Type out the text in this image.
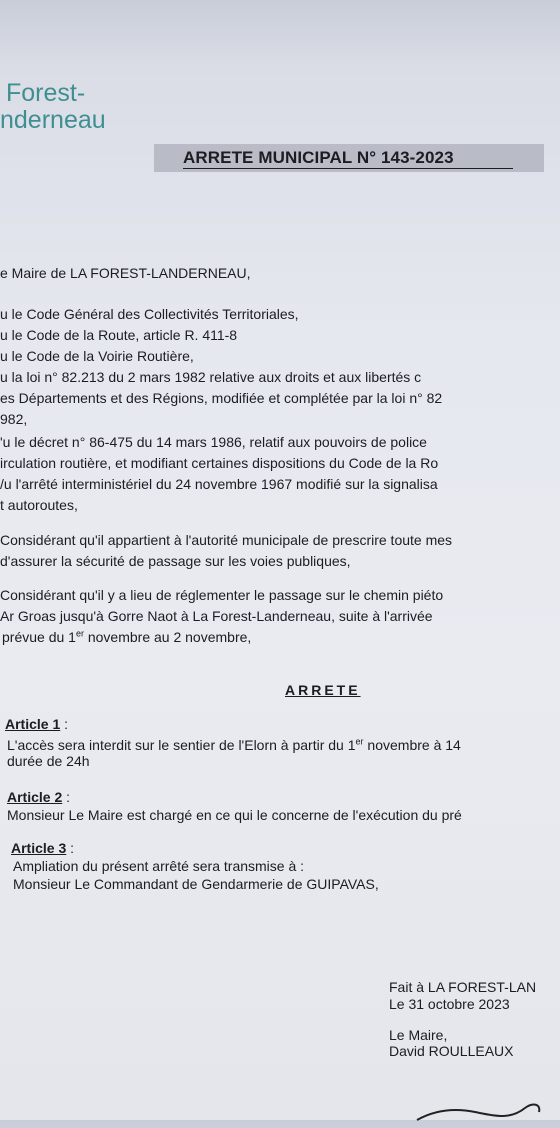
Forest-
nderneau
ARRETE MUNICIPAL N° 143-2023
e Maire de LA FOREST-LANDERNEAU,
u le Code Général des Collectivités Territoriales,
u le Code de la Route, article R. 411-8
u le Code de la Voirie Routière,
u la loi n° 82.213 du 2 mars 1982 relative aux droits et aux libertés c
es Départements et des Régions, modifiée et complétée par la loi n° 82
982,
'u le décret n° 86-475 du 14 mars 1986, relatif aux pouvoirs de police
irculation routière, et modifiant certaines dispositions du Code de la Ro
/u l'arrêté interministériel du 24 novembre 1967 modifié sur la signalisa
t autoroutes,
Considérant qu'il appartient à l'autorité municipale de prescrire toute mes
d'assurer la sécurité de passage sur les voies publiques,
Considérant qu'il y a lieu de réglementer le passage sur le chemin piéto
Ar Groas jusqu'à Gorre Naot à La Forest-Landerneau, suite à l'arrivée
prévue du 1er novembre au 2 novembre,
ARRETE
Article 1 :
L'accès sera interdit sur le sentier de l'Elorn à partir du 1er novembre à 14
durée de 24h
Article 2 :
Monsieur Le Maire est chargé en ce qui le concerne de l'exécution du pré
Article 3 :
Ampliation du présent arrêté sera transmise à :
Monsieur Le Commandant de Gendarmerie de GUIPAVAS,
Fait à LA FOREST-LAN
Le 31 octobre 2023
Le Maire,
David ROULLEAUX
